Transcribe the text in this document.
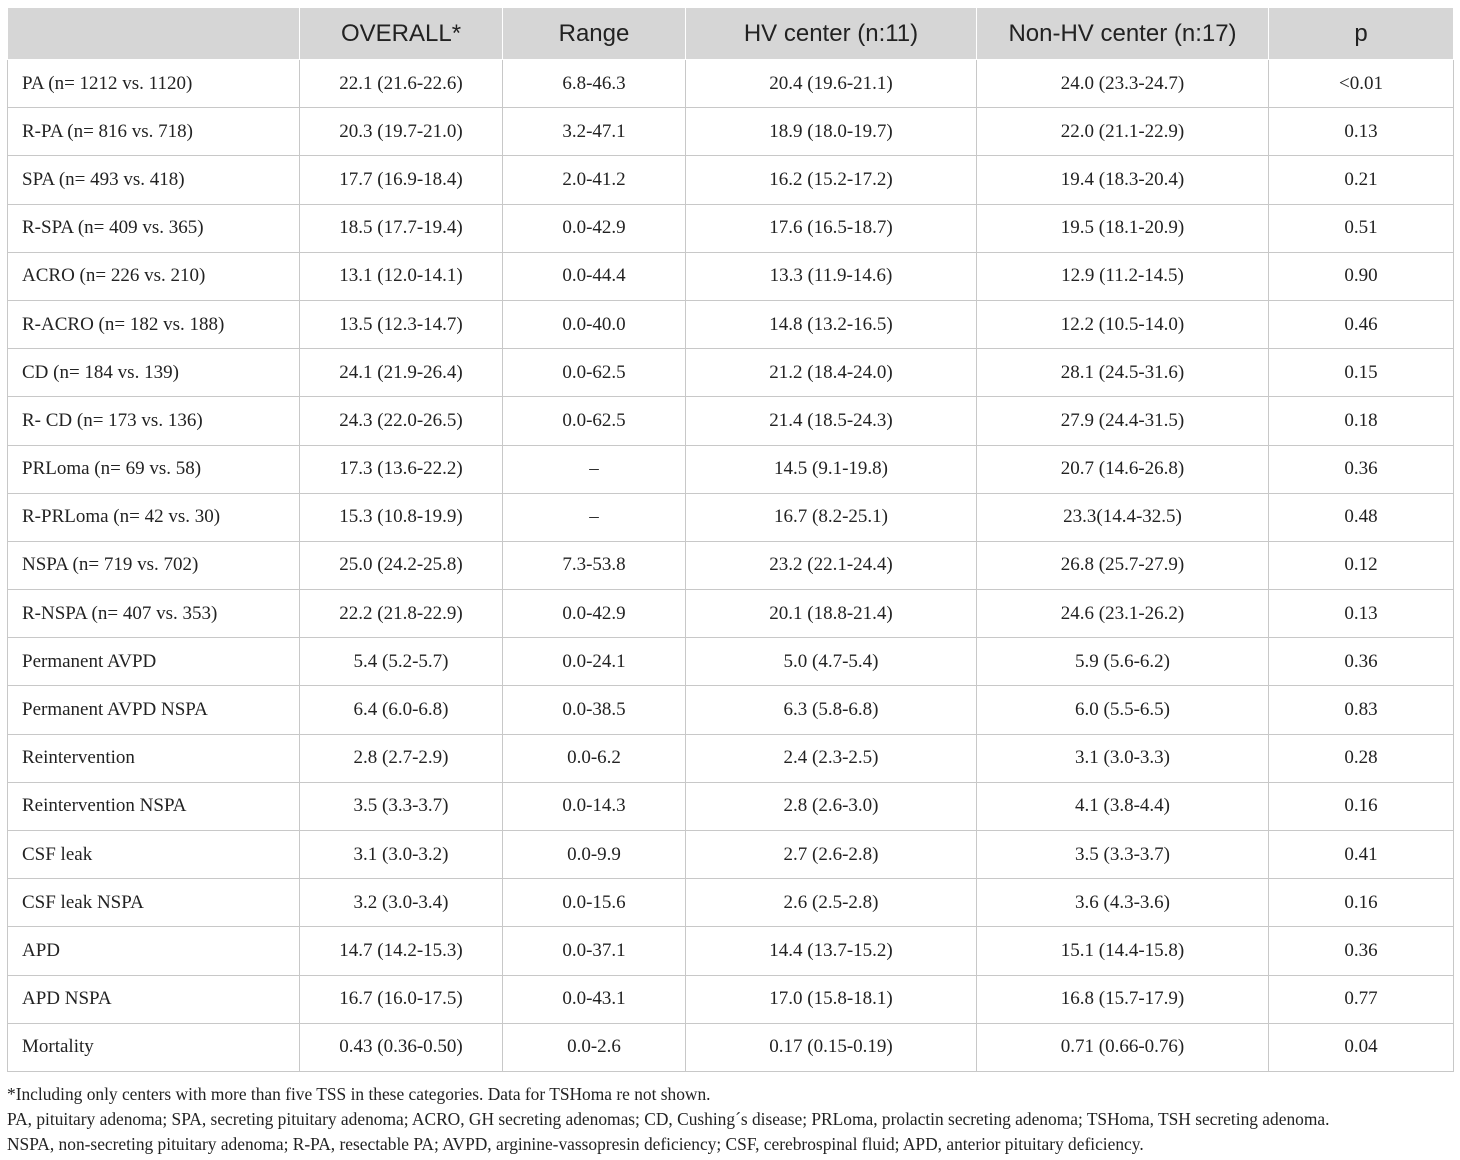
	OVERALL*	Range	HV center (n:11)	Non-HV center (n:17)	p
PA (n= 1212 vs. 1120)	22.1 (21.6-22.6)	6.8-46.3	20.4 (19.6-21.1)	24.0 (23.3-24.7)	<0.01
R-PA (n= 816 vs. 718)	20.3 (19.7-21.0)	3.2-47.1	18.9 (18.0-19.7)	22.0 (21.1-22.9)	0.13
SPA (n= 493 vs. 418)	17.7 (16.9-18.4)	2.0-41.2	16.2 (15.2-17.2)	19.4 (18.3-20.4)	0.21
R-SPA (n= 409 vs. 365)	18.5 (17.7-19.4)	0.0-42.9	17.6 (16.5-18.7)	19.5 (18.1-20.9)	0.51
ACRO (n= 226 vs. 210)	13.1 (12.0-14.1)	0.0-44.4	13.3 (11.9-14.6)	12.9 (11.2-14.5)	0.90
R-ACRO (n= 182 vs. 188)	13.5 (12.3-14.7)	0.0-40.0	14.8 (13.2-16.5)	12.2 (10.5-14.0)	0.46
CD (n= 184 vs. 139)	24.1 (21.9-26.4)	0.0-62.5	21.2 (18.4-24.0)	28.1 (24.5-31.6)	0.15
R- CD (n= 173 vs. 136)	24.3 (22.0-26.5)	0.0-62.5	21.4 (18.5-24.3)	27.9 (24.4-31.5)	0.18
PRLoma (n= 69 vs. 58)	17.3 (13.6-22.2)	–	14.5 (9.1-19.8)	20.7 (14.6-26.8)	0.36
R-PRLoma (n= 42 vs. 30)	15.3 (10.8-19.9)	–	16.7 (8.2-25.1)	23.3(14.4-32.5)	0.48
NSPA (n= 719 vs. 702)	25.0 (24.2-25.8)	7.3-53.8	23.2 (22.1-24.4)	26.8 (25.7-27.9)	0.12
R-NSPA (n= 407 vs. 353)	22.2 (21.8-22.9)	0.0-42.9	20.1 (18.8-21.4)	24.6 (23.1-26.2)	0.13
Permanent AVPD	5.4 (5.2-5.7)	0.0-24.1	5.0 (4.7-5.4)	5.9 (5.6-6.2)	0.36
Permanent AVPD NSPA	6.4 (6.0-6.8)	0.0-38.5	6.3 (5.8-6.8)	6.0 (5.5-6.5)	0.83
Reintervention	2.8 (2.7-2.9)	0.0-6.2	2.4 (2.3-2.5)	3.1 (3.0-3.3)	0.28
Reintervention NSPA	3.5 (3.3-3.7)	0.0-14.3	2.8 (2.6-3.0)	4.1 (3.8-4.4)	0.16
CSF leak	3.1 (3.0-3.2)	0.0-9.9	2.7 (2.6-2.8)	3.5 (3.3-3.7)	0.41
CSF leak NSPA	3.2 (3.0-3.4)	0.0-15.6	2.6 (2.5-2.8)	3.6 (4.3-3.6)	0.16
APD	14.7 (14.2-15.3)	0.0-37.1	14.4 (13.7-15.2)	15.1 (14.4-15.8)	0.36
APD NSPA	16.7 (16.0-17.5)	0.0-43.1	17.0 (15.8-18.1)	16.8 (15.7-17.9)	0.77
Mortality	0.43 (0.36-0.50)	0.0-2.6	0.17 (0.15-0.19)	0.71 (0.66-0.76)	0.04
*Including only centers with more than five TSS in these categories. Data for TSHoma re not shown.
PA, pituitary adenoma; SPA, secreting pituitary adenoma; ACRO, GH secreting adenomas; CD, Cushing´s disease; PRLoma, prolactin secreting adenoma; TSHoma, TSH secreting adenoma.
NSPA, non-secreting pituitary adenoma; R-PA, resectable PA; AVPD, arginine-vassopresin deficiency; CSF, cerebrospinal fluid; APD, anterior pituitary deficiency.
